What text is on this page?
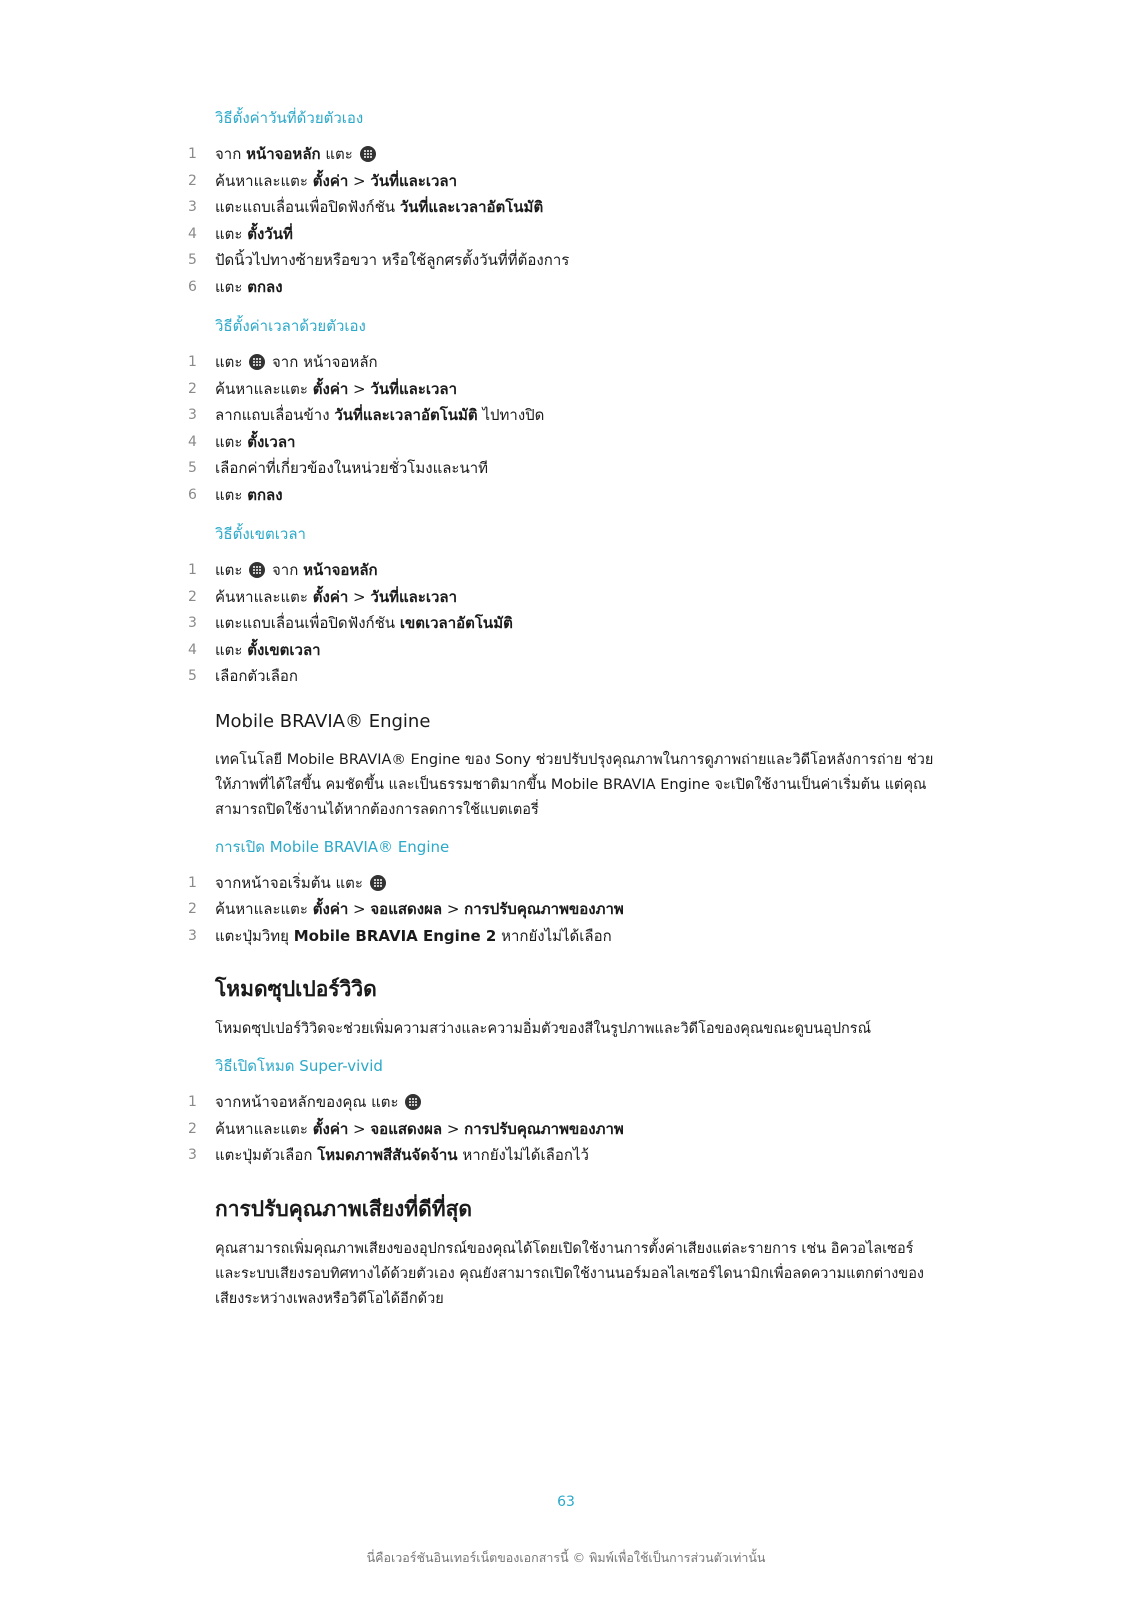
วิธีตั้งค่าวันที่ด้วยตัวเอง
1	จาก หน้าจอหลัก แตะ
2	ค้นหาและแตะ ตั้งค่า > วันที่และเวลา
3	แตะแถบเลื่อนเพื่อปิดฟังก์ชัน วันที่และเวลาอัตโนมัติ
4	แตะ ตั้งวันที่
5	ปัดนิ้วไปทางซ้ายหรือขวา หรือใช้ลูกศรตั้งวันที่ที่ต้องการ
6	แตะ ตกลง
วิธีตั้งค่าเวลาด้วยตัวเอง
1	แตะ  จาก หน้าจอหลัก
2	ค้นหาและแตะ ตั้งค่า > วันที่และเวลา
3	ลากแถบเลื่อนข้าง วันที่และเวลาอัตโนมัติ ไปทางปิด
4	แตะ ตั้งเวลา
5	เลือกค่าที่เกี่ยวข้องในหน่วยชั่วโมงและนาที
6	แตะ ตกลง
วิธีตั้งเขตเวลา
1	แตะ  จาก หน้าจอหลัก
2	ค้นหาและแตะ ตั้งค่า > วันที่และเวลา
3	แตะแถบเลื่อนเพื่อปิดฟังก์ชัน เขตเวลาอัตโนมัติ
4	แตะ ตั้งเขตเวลา
5	เลือกตัวเลือก
Mobile BRAVIA® Engine
เทคโนโลยี Mobile BRAVIA® Engine ของ Sony ช่วยปรับปรุงคุณภาพในการดูภาพถ่ายและวิดีโอหลังการถ่าย ช่วย
ให้ภาพที่ได้ใสขึ้น คมชัดขึ้น และเป็นธรรมชาติมากขึ้น Mobile BRAVIA Engine จะเปิดใช้งานเป็นค่าเริ่มต้น แต่คุณ
สามารถปิดใช้งานได้หากต้องการลดการใช้แบตเตอรี่
การเปิด Mobile BRAVIA® Engine
1	จากหน้าจอเริ่มต้น แตะ
2	ค้นหาและแตะ ตั้งค่า > จอแสดงผล > การปรับคุณภาพของภาพ
3	แตะปุ่มวิทยุ Mobile BRAVIA Engine 2 หากยังไม่ได้เลือก
โหมดซุปเปอร์วิวิด
โหมดซุปเปอร์วิวิดจะช่วยเพิ่มความสว่างและความอิ่มตัวของสีในรูปภาพและวิดีโอของคุณขณะดูบนอุปกรณ์
วิธีเปิดโหมด Super-vivid
1	จากหน้าจอหลักของคุณ แตะ
2	ค้นหาและแตะ ตั้งค่า > จอแสดงผล > การปรับคุณภาพของภาพ
3	แตะปุ่มตัวเลือก โหมดภาพสีสันจัดจ้าน หากยังไม่ได้เลือกไว้
การปรับคุณภาพเสียงที่ดีที่สุด
คุณสามารถเพิ่มคุณภาพเสียงของอุปกรณ์ของคุณได้โดยเปิดใช้งานการตั้งค่าเสียงแต่ละรายการ เช่น อิควอไลเซอร์
และระบบเสียงรอบทิศทางได้ด้วยตัวเอง คุณยังสามารถเปิดใช้งานนอร์มอลไลเซอร์ไดนามิกเพื่อลดความแตกต่างของ
เสียงระหว่างเพลงหรือวิดีโอได้อีกด้วย
63
นี่คือเวอร์ชันอินเทอร์เน็ตของเอกสารนี้ © พิมพ์เพื่อใช้เป็นการส่วนตัวเท่านั้น
